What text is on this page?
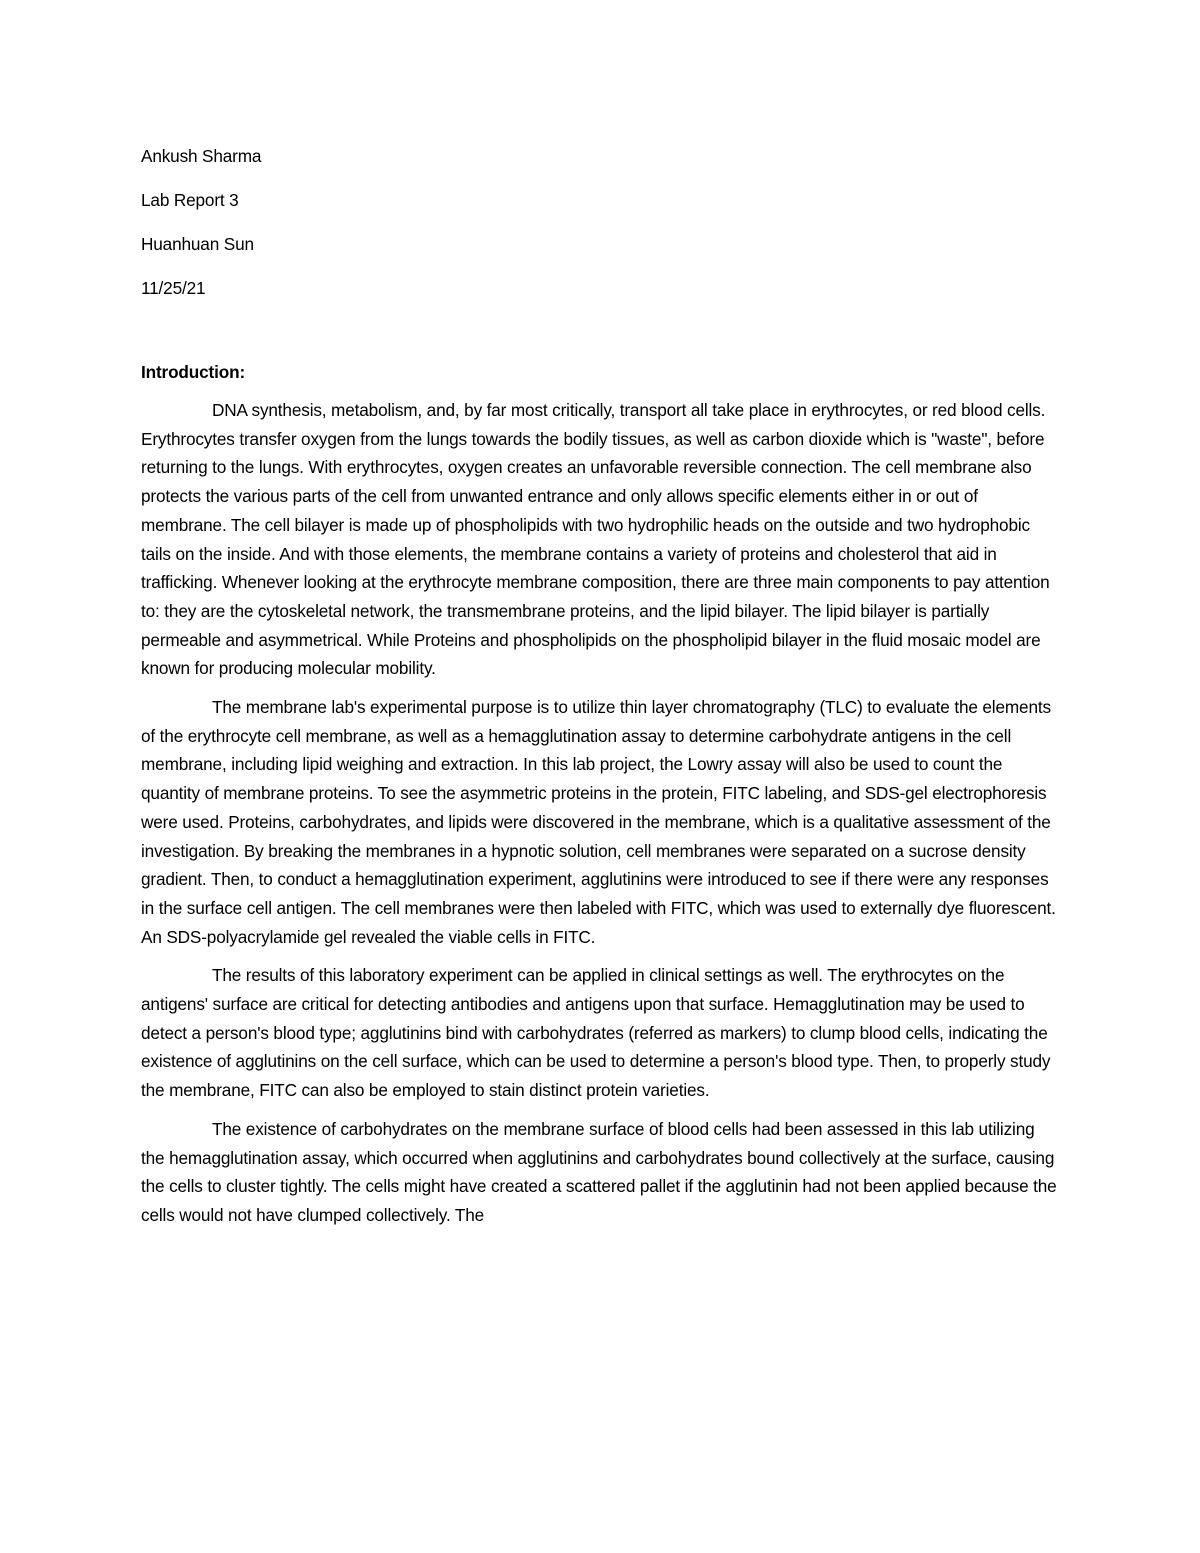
Ankush Sharma

Lab Report 3

Huanhuan Sun

11/25/21

Introduction:

DNA synthesis, metabolism, and, by far most critically, transport all take place in erythrocytes, or red blood cells. Erythrocytes transfer oxygen from the lungs towards the bodily tissues, as well as carbon dioxide which is "waste", before returning to the lungs. With erythrocytes, oxygen creates an unfavorable reversible connection. The cell membrane also protects the various parts of the cell from unwanted entrance and only allows specific elements either in or out of membrane. The cell bilayer is made up of phospholipids with two hydrophilic heads on the outside and two hydrophobic tails on the inside. And with those elements, the membrane contains a variety of proteins and cholesterol that aid in trafficking. Whenever looking at the erythrocyte membrane composition, there are three main components to pay attention to: they are the cytoskeletal network, the transmembrane proteins, and the lipid bilayer. The lipid bilayer is partially permeable and asymmetrical. While Proteins and phospholipids on the phospholipid bilayer in the fluid mosaic model are known for producing molecular mobility.

The membrane lab's experimental purpose is to utilize thin layer chromatography (TLC) to evaluate the elements of the erythrocyte cell membrane, as well as a hemagglutination assay to determine carbohydrate antigens in the cell membrane, including lipid weighing and extraction. In this lab project, the Lowry assay will also be used to count the quantity of membrane proteins. To see the asymmetric proteins in the protein, FITC labeling, and SDS-gel electrophoresis were used. Proteins, carbohydrates, and lipids were discovered in the membrane, which is a qualitative assessment of the investigation. By breaking the membranes in a hypnotic solution, cell membranes were separated on a sucrose density gradient. Then, to conduct a hemagglutination experiment, agglutinins were introduced to see if there were any responses in the surface cell antigen. The cell membranes were then labeled with FITC, which was used to externally dye fluorescent. An SDS-polyacrylamide gel revealed the viable cells in FITC.

The results of this laboratory experiment can be applied in clinical settings as well. The erythrocytes on the antigens' surface are critical for detecting antibodies and antigens upon that surface. Hemagglutination may be used to detect a person's blood type; agglutinins bind with carbohydrates (referred as markers) to clump blood cells, indicating the existence of agglutinins on the cell surface, which can be used to determine a person's blood type. Then, to properly study the membrane, FITC can also be employed to stain distinct protein varieties.

The existence of carbohydrates on the membrane surface of blood cells had been assessed in this lab utilizing the hemagglutination assay, which occurred when agglutinins and carbohydrates bound collectively at the surface, causing the cells to cluster tightly. The cells might have created a scattered pallet if the agglutinin had not been applied because the cells would not have clumped collectively. The
